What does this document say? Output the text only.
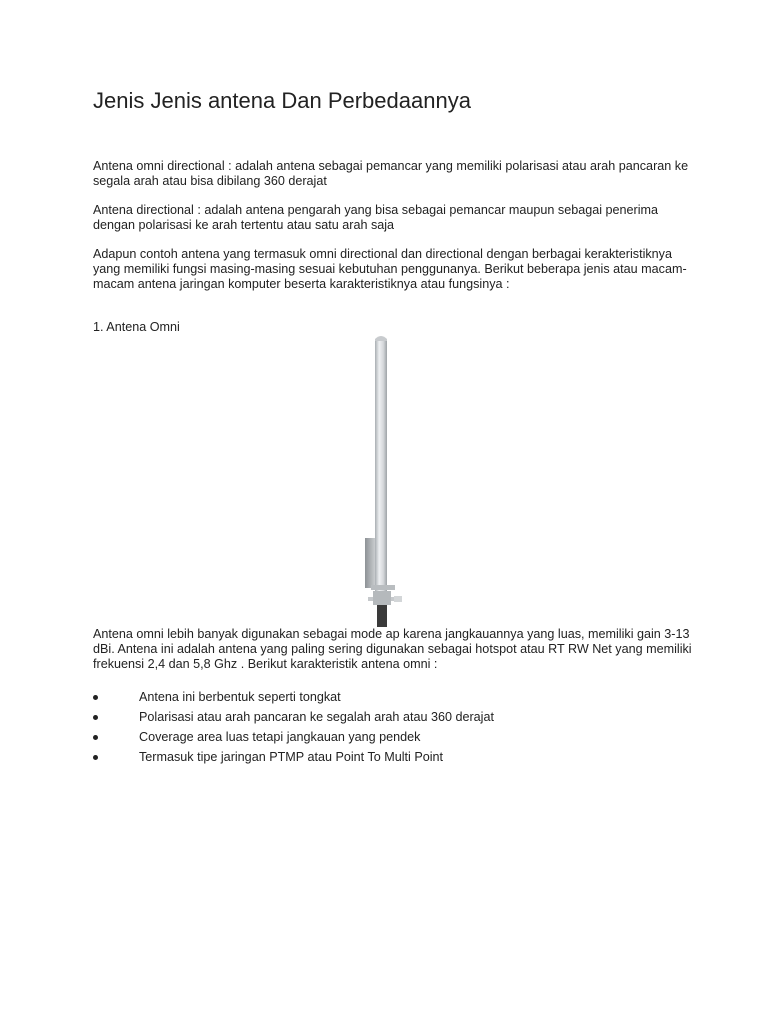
Jenis Jenis antena Dan Perbedaannya

Antena omni directional : adalah antena sebagai pemancar yang memiliki polarisasi atau arah pancaran ke segala arah atau bisa dibilang 360 derajat

Antena directional : adalah antena pengarah yang bisa sebagai pemancar maupun sebagai penerima dengan polarisasi ke arah tertentu atau satu arah saja

Adapun contoh antena yang termasuk omni directional dan directional dengan berbagai kerakteristiknya yang memiliki fungsi masing-masing sesuai kebutuhan penggunanya. Berikut beberapa jenis atau macam-macam antena jaringan komputer beserta karakteristiknya atau fungsinya :

1. Antena Omni

Antena omni lebih banyak digunakan sebagai mode ap karena jangkauannya yang luas, memiliki gain 3-13 dBi. Antena ini adalah antena yang paling sering digunakan sebagai hotspot atau RT RW Net yang memiliki frekuensi 2,4 dan 5,8 Ghz . Berikut karakteristik antena omni :

Antena ini berbentuk seperti tongkat
Polarisasi atau arah pancaran ke segalah arah atau 360 derajat
Coverage area luas tetapi jangkauan yang pendek
Termasuk tipe jaringan PTMP atau Point To Multi Point
